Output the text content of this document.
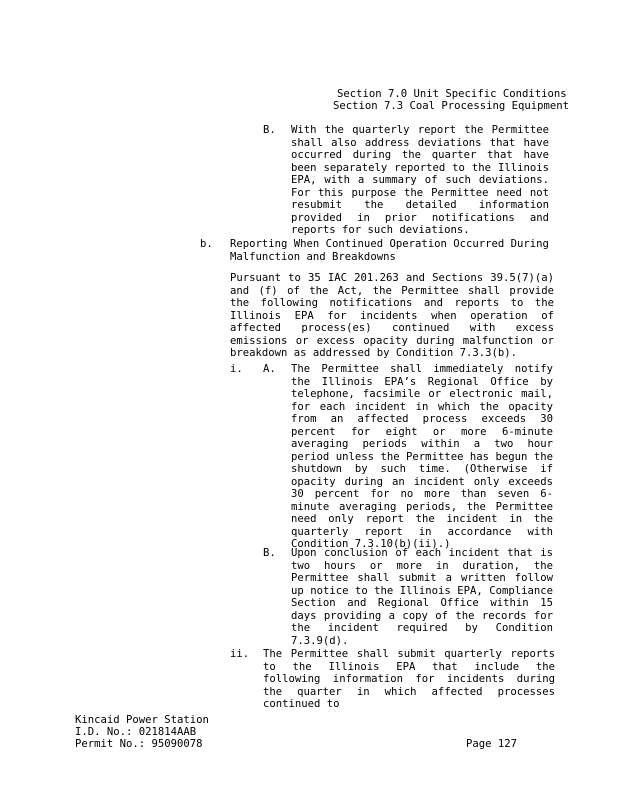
Section 7.0 Unit Specific Conditions
Section 7.3 Coal Processing Equipment
B. With the quarterly report the Permittee shall also address deviations that have occurred during the quarter that have been separately reported to the Illinois EPA, with a summary of such deviations. For this purpose the Permittee need not resubmit the detailed information provided in prior notifications and reports for such deviations.
b. Reporting When Continued Operation Occurred During Malfunction and Breakdowns
Pursuant to 35 IAC 201.263 and Sections 39.5(7)(a) and (f) of the Act, the Permittee shall provide the following notifications and reports to the Illinois EPA for incidents when operation of affected process(es) continued with excess emissions or excess opacity during malfunction or breakdown as addressed by Condition 7.3.3(b).
i. A. The Permittee shall immediately notify the Illinois EPA’s Regional Office by telephone, facsimile or electronic mail, for each incident in which the opacity from an affected process exceeds 30 percent for eight or more 6-minute averaging periods within a two hour period unless the Permittee has begun the shutdown by such time. (Otherwise if opacity during an incident only exceeds 30 percent for no more than seven 6-minute averaging periods, the Permittee need only report the incident in the quarterly report in accordance with Condition 7.3.10(b)(ii).)
B. Upon conclusion of each incident that is two hours or more in duration, the Permittee shall submit a written follow up notice to the Illinois EPA, Compliance Section and Regional Office within 15 days providing a copy of the records for the incident required by Condition 7.3.9(d).
ii. The Permittee shall submit quarterly reports to the Illinois EPA that include the following information for incidents during the quarter in which affected processes continued to
Kincaid Power Station
I.D. No.: 021814AAB
Permit No.: 95090078	Page 127
